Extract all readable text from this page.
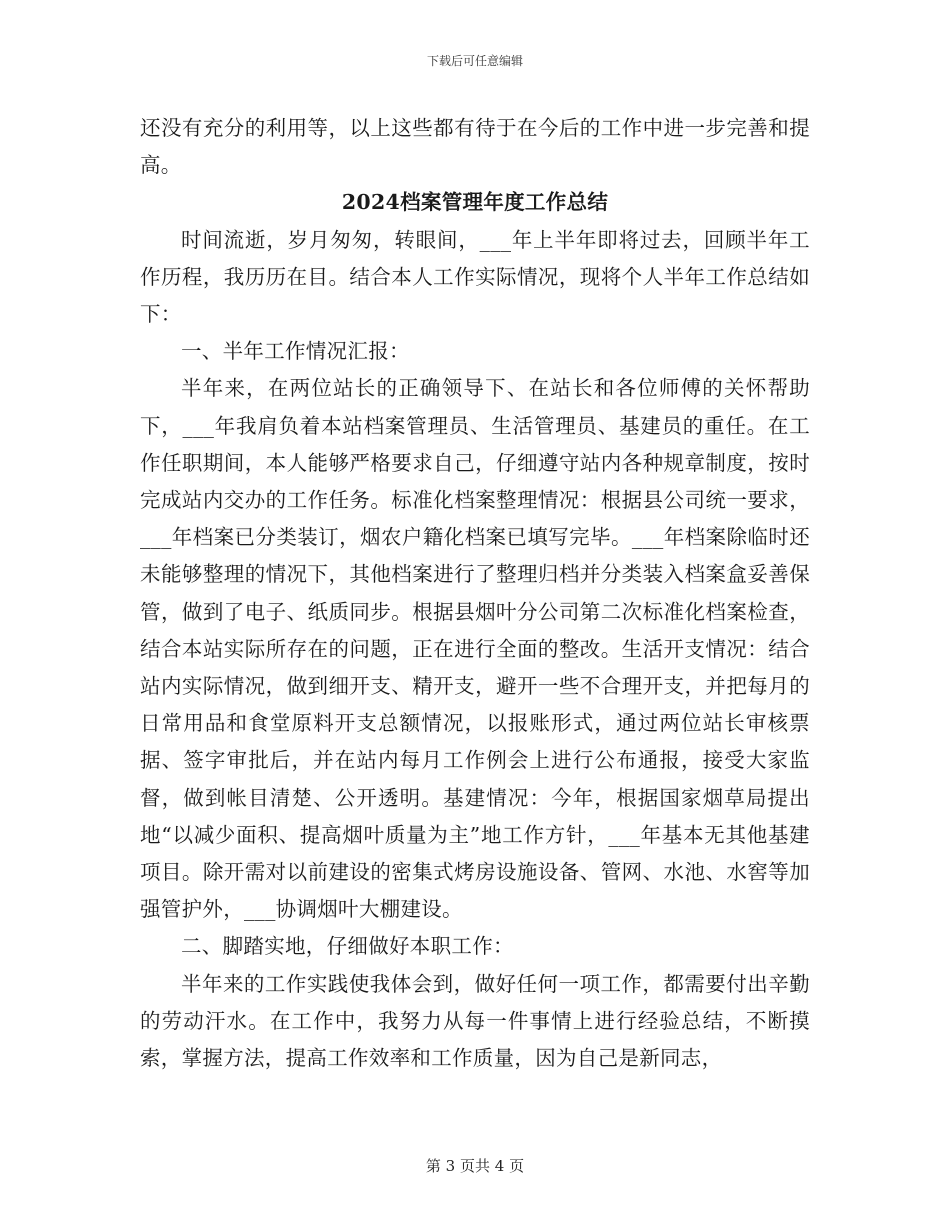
下载后可任意编辑

还没有充分的利用等，以上这些都有待于在今后的工作中进一步完善和提高。

2024档案管理年度工作总结

时间流逝，岁月匆匆，转眼间，___年上半年即将过去，回顾半年工作历程，我历历在目。结合本人工作实际情况，现将个人半年工作总结如下：

一、半年工作情况汇报：

半年来，在两位站长的正确领导下、在站长和各位师傅的关怀帮助下，___年我肩负着本站档案管理员、生活管理员、基建员的重任。在工作任职期间，本人能够严格要求自己，仔细遵守站内各种规章制度，按时完成站内交办的工作任务。标准化档案整理情况：根据县公司统一要求，___年档案已分类装订，烟农户籍化档案已填写完毕。___年档案除临时还未能够整理的情况下，其他档案进行了整理归档并分类装入档案盒妥善保管，做到了电子、纸质同步。根据县烟叶分公司第二次标准化档案检查，结合本站实际所存在的问题，正在进行全面的整改。生活开支情况：结合站内实际情况，做到细开支、精开支，避开一些不合理开支，并把每月的日常用品和食堂原料开支总额情况，以报账形式，通过两位站长审核票据、签字审批后，并在站内每月工作例会上进行公布通报，接受大家监督，做到帐目清楚、公开透明。基建情况：今年，根据国家烟草局提出地“以减少面积、提高烟叶质量为主”地工作方针，___年基本无其他基建项目。除开需对以前建设的密集式烤房设施设备、管网、水池、水窖等加强管护外，___协调烟叶大棚建设。

二、脚踏实地，仔细做好本职工作：

半年来的工作实践使我体会到，做好任何一项工作，都需要付出辛勤的劳动汗水。在工作中，我努力从每一件事情上进行经验总结，不断摸索，掌握方法，提高工作效率和工作质量，因为自己是新同志，

第 3 页共 4 页
